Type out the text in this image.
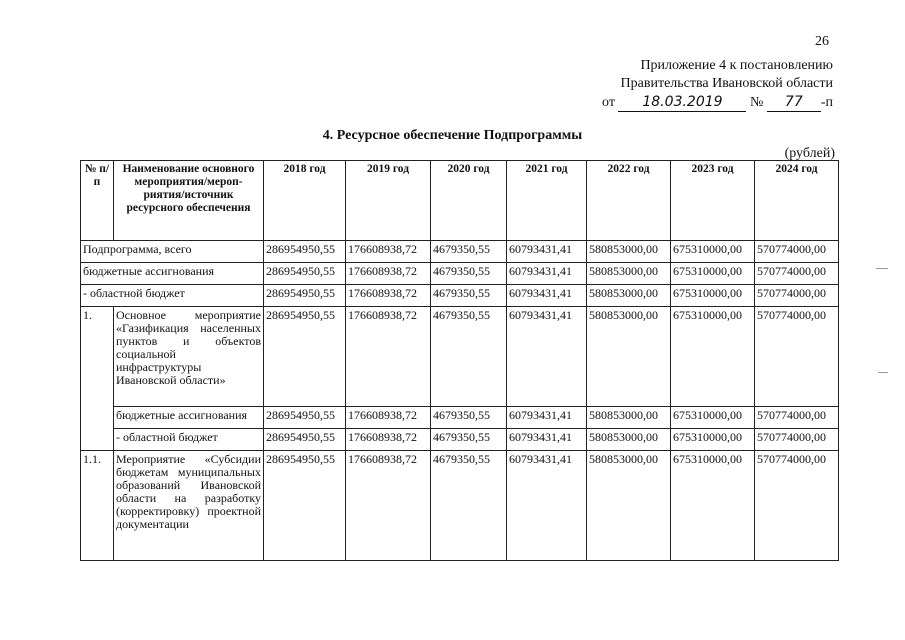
26
Приложение 4 к постановлению
Правительства Ивановской области
от 18.03.2019 № 77 -п
4. Ресурсное обеспечение Подпрограммы
(рублей)
№ п/п	Наименование основного мероприятия/мероп-риятия/источник ресурсного обеспечения	2018 год	2019 год	2020 год	2021 год	2022 год	2023 год	2024 год
Подпрограмма, всего		286954950,55	176608938,72	4679350,55	60793431,41	580853000,00	675310000,00	570774000,00
бюджетные ассигнования		286954950,55	176608938,72	4679350,55	60793431,41	580853000,00	675310000,00	570774000,00
- областной бюджет		286954950,55	176608938,72	4679350,55	60793431,41	580853000,00	675310000,00	570774000,00
1.	Основное мероприятие «Газификация населенных пунктов и объектов социальной инфраструктуры Ивановской области»	286954950,55	176608938,72	4679350,55	60793431,41	580853000,00	675310000,00	570774000,00
	бюджетные ассигнования	286954950,55	176608938,72	4679350,55	60793431,41	580853000,00	675310000,00	570774000,00
	- областной бюджет	286954950,55	176608938,72	4679350,55	60793431,41	580853000,00	675310000,00	570774000,00
1.1.	Мероприятие «Субсидии бюджетам муниципальных образований Ивановской области на разработку (корректировку) проектной документации	286954950,55	176608938,72	4679350,55	60793431,41	580853000,00	675310000,00	570774000,00
